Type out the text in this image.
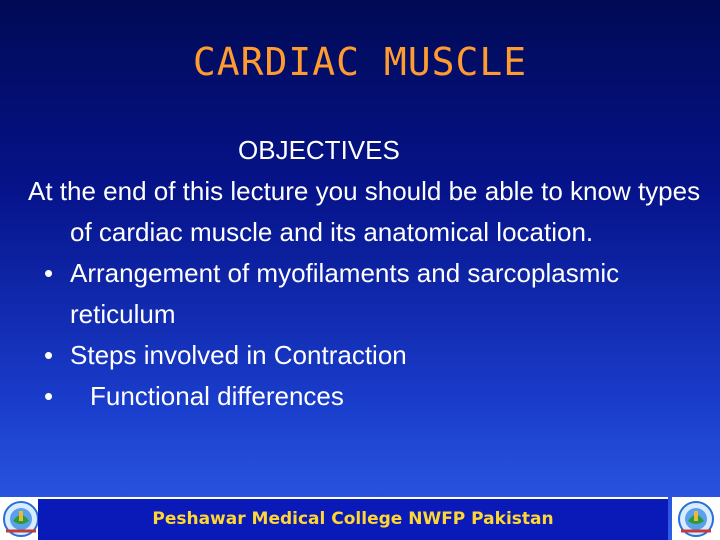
CARDIAC MUSCLE
OBJECTIVES
At the end of this lecture you should be able to know types of cardiac muscle and its anatomical location.
• Arrangement of myofilaments and sarcoplasmic reticulum
• Steps involved in Contraction
• Functional differences
Peshawar Medical College NWFP Pakistan
